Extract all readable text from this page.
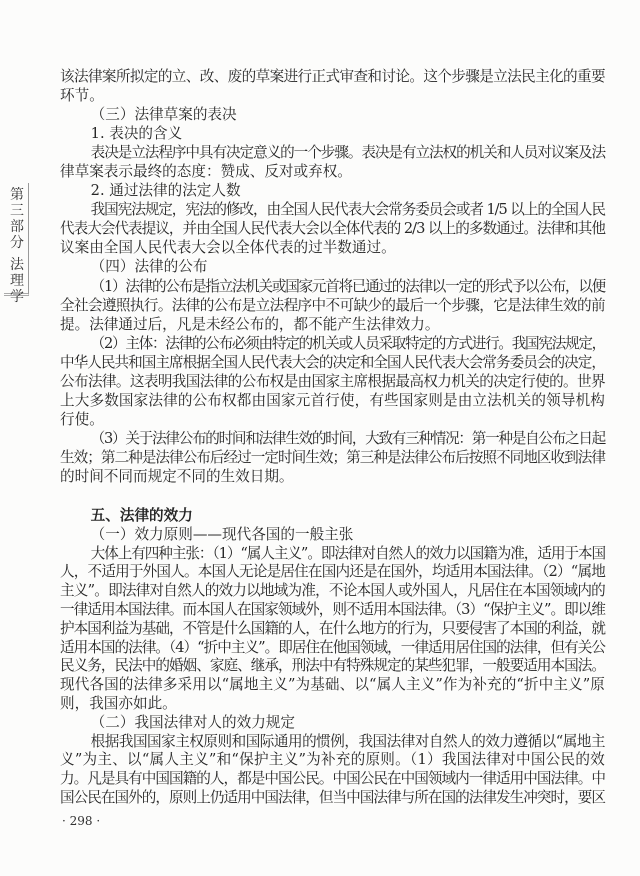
第三部分
法理学
该法律案所拟定的立、改、废的草案进行正式审查和讨论。这个步骤是立法民主化的重要
环节。
（三）法律草案的表决
1. 表决的含义
表决是立法程序中具有决定意义的一个步骤。表决是有立法权的机关和人员对议案及法
律草案表示最终的态度：赞成、反对或弃权。
2. 通过法律的法定人数
我国宪法规定，宪法的修改，由全国人民代表大会常务委员会或者 1/5 以上的全国人民
代表大会代表提议，并由全国人民代表大会以全体代表的 2/3 以上的多数通过。法律和其他
议案由全国人民代表大会以全体代表的过半数通过。
（四）法律的公布
（1）法律的公布是指立法机关或国家元首将已通过的法律以一定的形式予以公布，以便
全社会遵照执行。法律的公布是立法程序中不可缺少的最后一个步骤，它是法律生效的前
提。法律通过后，凡是未经公布的，都不能产生法律效力。
（2）主体：法律的公布必须由特定的机关或人员采取特定的方式进行。我国宪法规定，
中华人民共和国主席根据全国人民代表大会的决定和全国人民代表大会常务委员会的决定，
公布法律。这表明我国法律的公布权是由国家主席根据最高权力机关的决定行使的。世界
上大多数国家法律的公布权都由国家元首行使，有些国家则是由立法机关的领导机构
行使。
（3）关于法律公布的时间和法律生效的时间，大致有三种情况：第一种是自公布之日起
生效；第二种是法律公布后经过一定时间生效；第三种是法律公布后按照不同地区收到法律
的时间不同而规定不同的生效日期。
五、法律的效力
（一）效力原则——现代各国的一般主张
大体上有四种主张：（1）“属人主义”。即法律对自然人的效力以国籍为准，适用于本国
人，不适用于外国人。本国人无论是居住在国内还是在国外，均适用本国法律。（2）“属地
主义”。即法律对自然人的效力以地域为准，不论本国人或外国人，凡居住在本国领域内的
一律适用本国法律。而本国人在国家领域外，则不适用本国法律。（3）“保护主义”。即以维
护本国利益为基础，不管是什么国籍的人，在什么地方的行为，只要侵害了本国的利益，就
适用本国的法律。（4）“折中主义”。即居住在他国领域，一律适用居住国的法律，但有关公
民义务，民法中的婚姻、家庭、继承，刑法中有特殊规定的某些犯罪，一般要适用本国法。
现代各国的法律多采用以“属地主义”为基础、以“属人主义”作为补充的“折中主义”原
则，我国亦如此。
（二）我国法律对人的效力规定
根据我国国家主权原则和国际通用的惯例，我国法律对自然人的效力遵循以“属地主
义”为主、以“属人主义”和“保护主义”为补充的原则。（1）我国法律对中国公民的效
力。凡是具有中国国籍的人，都是中国公民。中国公民在中国领域内一律适用中国法律。中
国公民在国外的，原则上仍适用中国法律，但当中国法律与所在国的法律发生冲突时，要区
· 298 ·
